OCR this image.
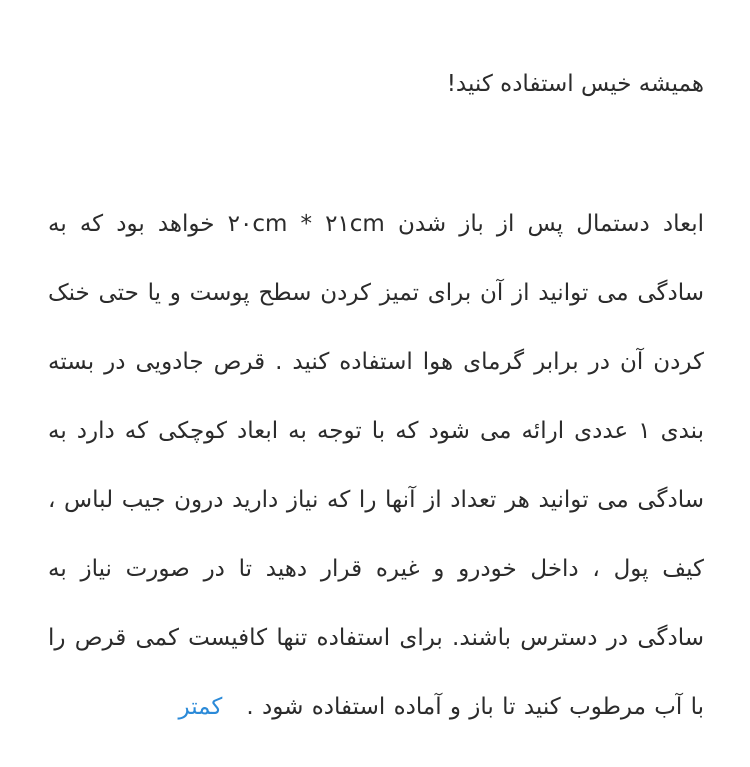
همیشه خیس استفاده کنید!

ابعاد دستمال پس از باز شدن ۲۰cm * ۲۱cm خواهد بود که به سادگی می توانید از آن برای تمیز کردن سطح پوست و یا حتی خنک کردن آن در برابر گرمای هوا استفاده کنید . قرص جادویی در بسته بندی ۱ عددی ارائه می شود که با توجه به ابعاد کوچکی که دارد به سادگی می توانید هر تعداد از آنها را که نیاز دارید درون جیب لباس ، کیف پول ، داخل خودرو و غیره قرار دهید تا در صورت نیاز به سادگی در دسترس باشند. برای استفاده تنها کافیست کمی قرص را با آب مرطوب کنید تا باز و آماده استفاده شود .کمتر
